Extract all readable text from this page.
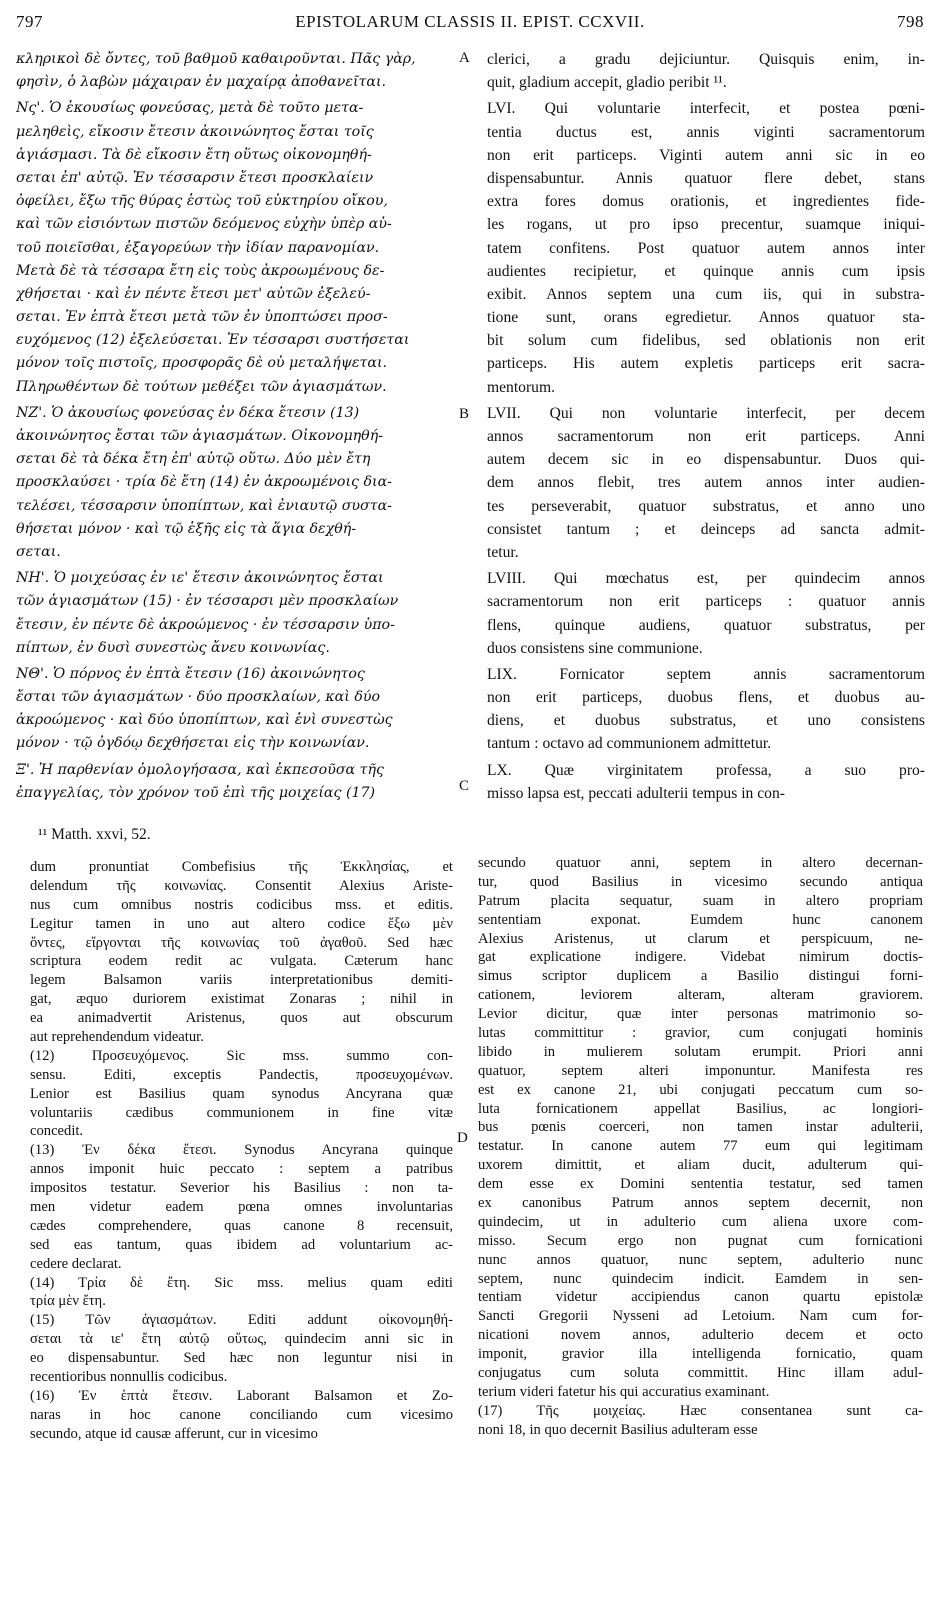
797	EPISTOLARUM CLASSIS II. EPIST. CCXVII.	798
κληρικοὶ δὲ ὄντες, τοῦ βαθμοῦ καθαιροῦνται. Πᾶς γὰρ,
φησὶν, ὁ λαβὼν μάχαιραν ἐν μαχαίρᾳ ἀποθανεῖται.
Nς'. Ὁ ἑκουσίως φονεύσας, μετὰ δὲ τοῦτο μετα-
μεληθεὶς, εἴκοσιν ἔτεσιν ἀκοινώνητος ἔσται τοῖς
ἁγιάσμασι. Τὰ δὲ εἴκοσιν ἔτη οὕτως οἰκονομηθή-
σεται ἐπ' αὐτῷ. Ἐν τέσσαρσιν ἔτεσι προσκλαίειν
ὀφείλει, ἔξω τῆς θύρας ἑστὼς τοῦ εὐκτηρίου οἴκου,
καὶ τῶν εἰσιόντων πιστῶν δεόμενος εὐχὴν ὑπὲρ αὐ-
τοῦ ποιεῖσθαι, ἐξαγορεύων τὴν ἰδίαν παρανομίαν.
Μετὰ δὲ τὰ τέσσαρα ἔτη εἰς τοὺς ἀκροωμένους δε-
χθήσεται · καὶ ἐν πέντε ἔτεσι μετ' αὐτῶν ἐξελεύ-
σεται. Ἐν ἑπτὰ ἔτεσι μετὰ τῶν ἐν ὑποπτώσει προσ-
ευχόμενος (12) ἐξελεύσεται. Ἐν τέσσαρσι συστήσεται
μόνον τοῖς πιστοῖς, προσφορᾶς δὲ οὐ μεταλήψεται.
Πληρωθέντων δὲ τούτων μεθέξει τῶν ἁγιασμάτων.
NZ'. Ὁ ἀκουσίως φονεύσας ἐν δέκα ἔτεσιν (13)
ἀκοινώνητος ἔσται τῶν ἁγιασμάτων. Οἰκονομηθή-
σεται δὲ τὰ δέκα ἔτη ἐπ' αὐτῷ οὕτω. Δύο μὲν ἔτη
προσκλαύσει · τρία δὲ ἔτη (14) ἐν ἀκροωμένοις δια-
τελέσει, τέσσαρσιν ὑποπίπτων, καὶ ἐνιαυτῷ συστα-
θήσεται μόνον · καὶ τῷ ἑξῆς εἰς τὰ ἅγια δεχθή-
σεται.
NH'. Ὁ μοιχεύσας ἐν ιε' ἔτεσιν ἀκοινώνητος ἔσται
τῶν ἁγιασμάτων (15) · ἐν τέσσαρσι μὲν προσκλαίων
ἔτεσιν, ἐν πέντε δὲ ἀκροώμενος · ἐν τέσσαρσιν ὑπο-
πίπτων, ἐν δυσὶ συνεστὼς ἄνευ κοινωνίας.
NΘ'. Ὁ πόρνος ἐν ἑπτὰ ἔτεσιν (16) ἀκοινώνητος
ἔσται τῶν ἁγιασμάτων · δύο προσκλαίων, καὶ δύο
ἀκροώμενος · καὶ δύο ὑποπίπτων, καὶ ἑνὶ συνεστὼς
μόνον · τῷ ὀγδόῳ δεχθήσεται εἰς τὴν κοινωνίαν.
Ξ'. Ἡ παρθενίαν ὁμολογήσασα, καὶ ἐκπεσοῦσα τῆς
ἐπαγγελίας, τὸν χρόνον τοῦ ἐπὶ τῆς μοιχείας (17)
clerici, a gradu dejiciuntur. Quisquis enim, in-
quit, gladium accepit, gladio peribit ¹¹.
LVI. Qui voluntarie interfecit, et postea pœni-
tentia ductus est, annis viginti sacramentorum
non erit particeps. Viginti autem anni sic in eo
dispensabuntur. Annis quatuor flere debet, stans
extra fores domus orationis, et ingredientes fide-
les rogans, ut pro ipso precentur, suamque iniqui-
tatem confitens. Post quatuor autem annos inter
audientes recipietur, et quinque annis cum ipsis
exibit. Annos septem una cum iis, qui in substra-
tione sunt, orans egredietur. Annos quatuor sta-
bit solum cum fidelibus, sed oblationis non erit
particeps. His autem expletis particeps erit sacra-
mentorum.
LVII. Qui non voluntarie interfecit, per decem
annos sacramentorum non erit particeps. Anni
autem decem sic in eo dispensabuntur. Duos qui-
dem annos flebit, tres autem annos inter audien-
tes perseverabit, quatuor substratus, et anno uno
consistet tantum ; et deinceps ad sancta admit-
tetur.
LVIII. Qui mœchatus est, per quindecim annos
sacramentorum non erit particeps : quatuor annis
flens, quinque audiens, quatuor substratus, per
duos consistens sine communione.
LIX. Fornicator septem annis sacramentorum
non erit particeps, duobus flens, et duobus au-
diens, et duobus substratus, et uno consistens
tantum : octavo ad communionem admittetur.
LX. Quæ virginitatem professa, a suo pro-
misso lapsa est, peccati adulterii tempus in con-
A
B
C
D
¹¹ Matth. xxvi, 52.
dum pronuntiat Combefisius τῆς Ἐκκλησίας, et
delendum τῆς κοινωνίας. Consentit Alexius Ariste-
nus cum omnibus nostris codicibus mss. et editis.
Legitur tamen in uno aut altero codice ἔξω μὲν
ὄντες, εἴργονται τῆς κοινωνίας τοῦ ἀγαθοῦ. Sed hæc
scriptura eodem redit ac vulgata. Cæterum hanc
legem Balsamon variis interpretationibus demiti-
gat, æquo duriorem existimat Zonaras ; nihil in
ea animadvertit Aristenus, quos aut obscurum
aut reprehendendum videatur.
(12) Προσευχόμενος. Sic mss. summo con-
sensu. Editi, exceptis Pandectis, προσευχομένων.
Lenior est Basilius quam synodus Ancyrana quæ
voluntariis cædibus communionem in fine vitæ
concedit.
(13) Ἐν δέκα ἔτεσι. Synodus Ancyrana quinque
annos imponit huic peccato : septem a patribus
impositos testatur. Severior his Basilius : non ta-
men videtur eadem pœna omnes involuntarias
cædes comprehendere, quas canone 8 recensuit,
sed eas tantum, quas ibidem ad voluntarium ac-
cedere declarat.
(14) Τρία δὲ ἔτη. Sic mss. melius quam editi
τρία μὲν ἔτη.
(15) Τῶν ἁγιασμάτων. Editi addunt οἰκονομηθή-
σεται τὰ ιε' ἔτη αὐτῷ οὕτως, quindecim anni sic in
eo dispensabuntur. Sed hæc non leguntur nisi in
recentioribus nonnullis codicibus.
(16) Ἐν ἑπτὰ ἔτεσιν. Laborant Balsamon et Zo-
naras in hoc canone conciliando cum vicesimo
secundo, atque id causæ afferunt, cur in vicesimo
secundo quatuor anni, septem in altero decernan-
tur, quod Basilius in vicesimo secundo antiqua
Patrum placita sequatur, suam in altero propriam
sententiam exponat. Eumdem hunc canonem
Alexius Aristenus, ut clarum et perspicuum, ne-
gat explicatione indigere. Videbat nimirum doctis-
simus scriptor duplicem a Basilio distingui forni-
cationem, leviorem alteram, alteram graviorem.
Levior dicitur, quæ inter personas matrimonio so-
lutas committitur : gravior, cum conjugati hominis
libido in mulierem solutam erumpit. Priori anni
quatuor, septem alteri imponuntur. Manifesta res
est ex canone 21, ubi conjugati peccatum cum so-
luta fornicationem appellat Basilius, ac longiori-
bus pœnis coerceri, non tamen instar adulterii,
testatur. In canone autem 77 eum qui legitimam
uxorem dimittit, et aliam ducit, adulterum qui-
dem esse ex Domini sententia testatur, sed tamen
ex canonibus Patrum annos septem decernit, non
quindecim, ut in adulterio cum aliena uxore com-
misso. Secum ergo non pugnat cum fornicationi
nunc annos quatuor, nunc septem, adulterio nunc
septem, nunc quindecim indicit. Eamdem in sen-
tentiam videtur accipiendus canon quartu epistolæ
Sancti Gregorii Nysseni ad Letoium. Nam cum for-
nicationi novem annos, adulterio decem et octo
imponit, gravior illa intelligenda fornicatio, quam
conjugatus cum soluta committit. Hinc illam adul-
terium videri fatetur his qui accuratius examinant.
(17) Τῆς μοιχείας. Hæc consentanea sunt ca-
noni 18, in quo decernit Basilius adulteram esse
